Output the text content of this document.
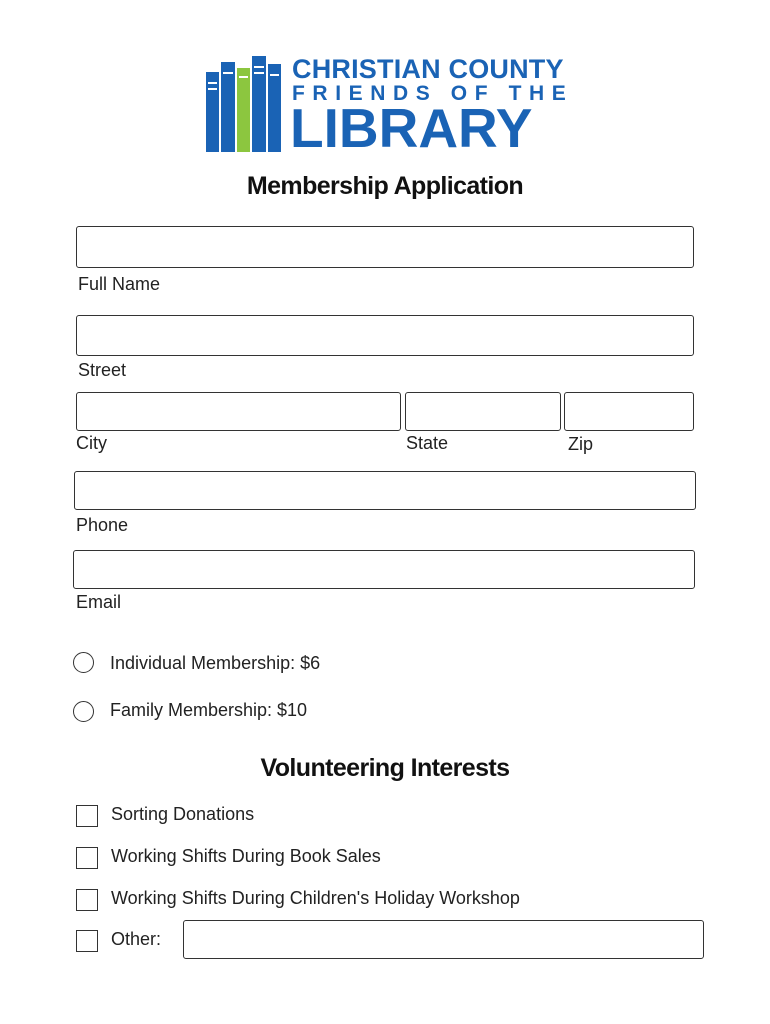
CHRISTIAN COUNTY
FRIENDS OF THE
LIBRARY
Membership Application
Full Name
Street
City	State	Zip
Phone
Email
Individual Membership: $6
Family Membership: $10
Volunteering Interests
Sorting Donations
Working Shifts During Book Sales
Working Shifts During Children's Holiday Workshop
Other:
